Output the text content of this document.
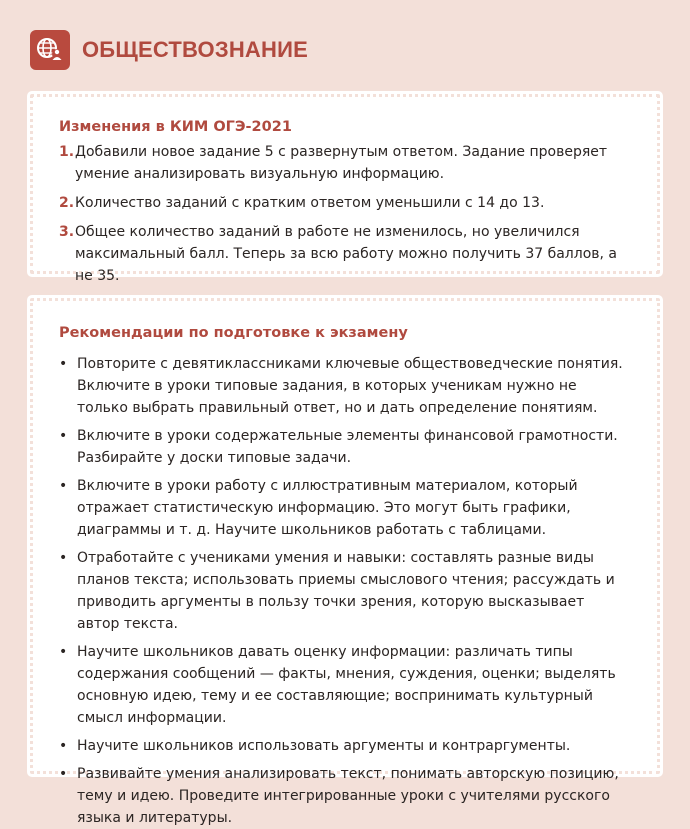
ОБЩЕСТВОЗНАНИЕ
Изменения в КИМ ОГЭ-2021
1. Добавили новое задание 5 с развернутым ответом. Задание проверяет умение анализировать визуальную информацию.
2. Количество заданий с кратким ответом уменьшили с 14 до 13.
3. Общее количество заданий в работе не изменилось, но увеличился максимальный балл. Теперь за всю работу можно получить 37 баллов, а не 35.
Рекомендации по подготовке к экзамену
• Повторите с девятиклассниками ключевые обществоведческие понятия. Включите в уроки типовые задания, в которых ученикам нужно не только выбрать правильный ответ, но и дать определение понятиям.
• Включите в уроки содержательные элементы финансовой грамотности. Разбирайте у доски типовые задачи.
• Включите в уроки работу с иллюстративным материалом, который отражает статистическую информацию. Это могут быть графики, диаграммы и т. д. Научите школьников работать с таблицами.
• Отработайте с учениками умения и навыки: составлять разные виды планов текста; использовать приемы смыслового чтения; рассуждать и приводить аргументы в пользу точки зрения, которую высказывает автор текста.
• Научите школьников давать оценку информации: различать типы содержания сообщений — факты, мнения, суждения, оценки; выделять основную идею, тему и ее составляющие; воспринимать культурный смысл информации.
• Научите школьников использовать аргументы и контраргументы.
• Развивайте умения анализировать текст, понимать авторскую позицию, тему и идею. Проведите интегрированные уроки с учителями русского языка и литературы.
